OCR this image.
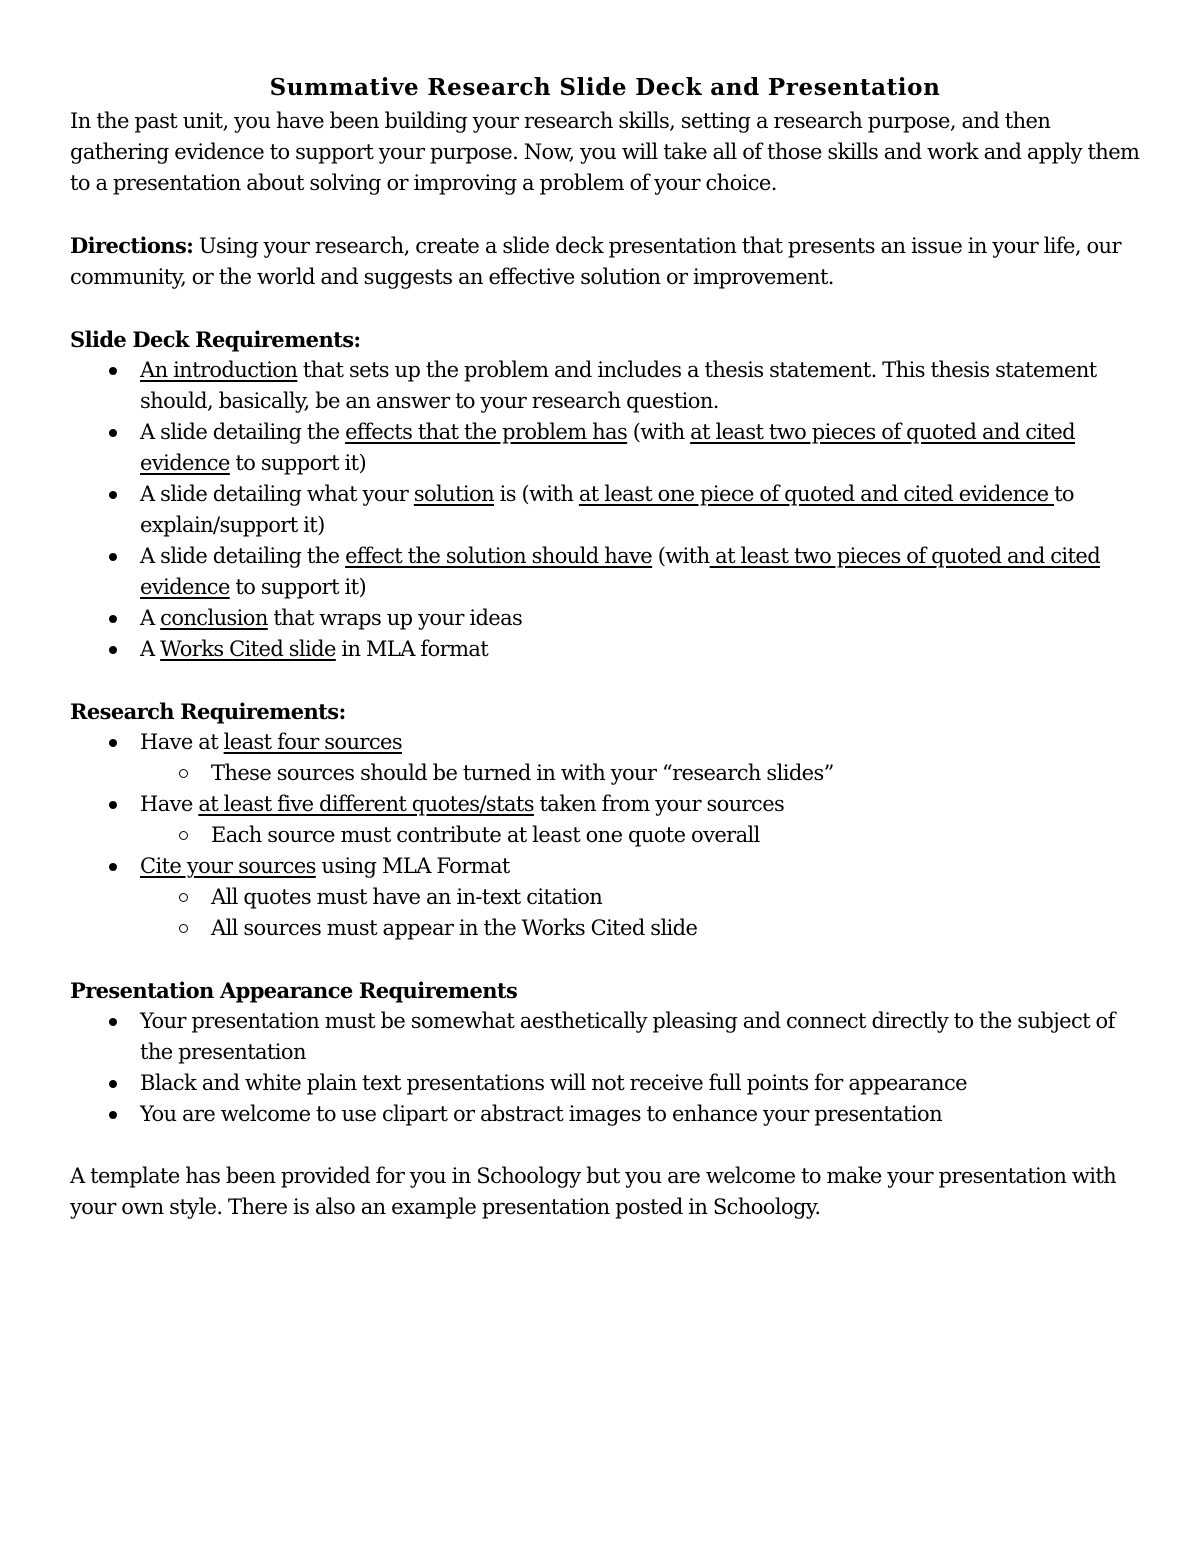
Summative Research Slide Deck and Presentation

In the past unit, you have been building your research skills, setting a research purpose, and then gathering evidence to support your purpose. Now, you will take all of those skills and work and apply them to a presentation about solving or improving a problem of your choice.

Directions: Using your research, create a slide deck presentation that presents an issue in your life, our community, or the world and suggests an effective solution or improvement.

Slide Deck Requirements:

An introduction that sets up the problem and includes a thesis statement. This thesis statement should, basically, be an answer to your research question.
A slide detailing the effects that the problem has (with at least two pieces of quoted and cited evidence to support it)
A slide detailing what your solution is (with at least one piece of quoted and cited evidence to explain/support it)
A slide detailing the effect the solution should have (with at least two pieces of quoted and cited evidence to support it)
A conclusion that wraps up your ideas
A Works Cited slide in MLA format

Research Requirements:

Have at least four sources
These sources should be turned in with your “research slides”
Have at least five different quotes/stats taken from your sources
Each source must contribute at least one quote overall
Cite your sources using MLA Format
All quotes must have an in-text citation
All sources must appear in the Works Cited slide

Presentation Appearance Requirements

Your presentation must be somewhat aesthetically pleasing and connect directly to the subject of the presentation
Black and white plain text presentations will not receive full points for appearance
You are welcome to use clipart or abstract images to enhance your presentation

A template has been provided for you in Schoology but you are welcome to make your presentation with your own style. There is also an example presentation posted in Schoology.
